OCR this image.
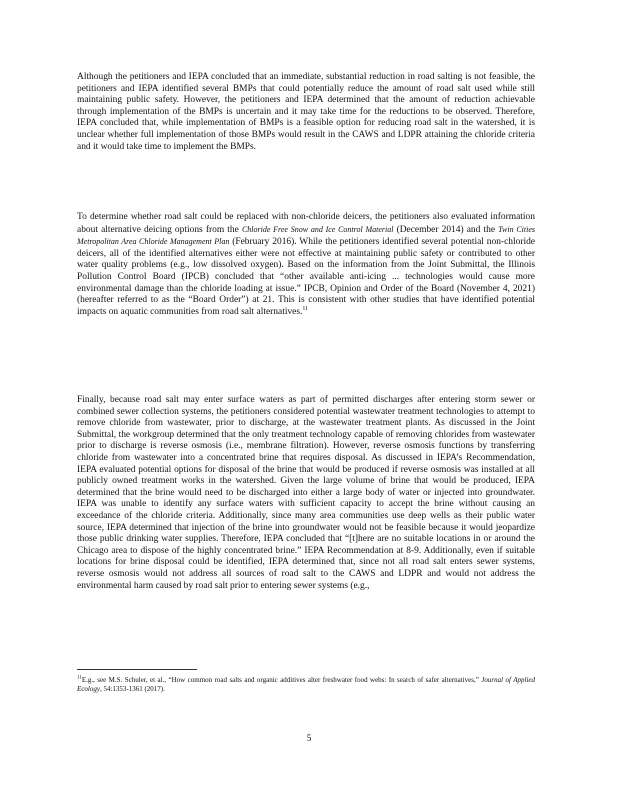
Although the petitioners and IEPA concluded that an immediate, substantial reduction in road salting is not feasible, the petitioners and IEPA identified several BMPs that could potentially reduce the amount of road salt used while still maintaining public safety. However, the petitioners and IEPA determined that the amount of reduction achievable through implementation of the BMPs is uncertain and it may take time for the reductions to be observed. Therefore, IEPA concluded that, while implementation of BMPs is a feasible option for reducing road salt in the watershed, it is unclear whether full implementation of those BMPs would result in the CAWS and LDPR attaining the chloride criteria and it would take time to implement the BMPs.

To determine whether road salt could be replaced with non-chloride deicers, the petitioners also evaluated information about alternative deicing options from the Chloride Free Snow and Ice Control Material (December 2014) and the Twin Cities Metropolitan Area Chloride Management Plan (February 2016). While the petitioners identified several potential non-chloride deicers, all of the identified alternatives either were not effective at maintaining public safety or contributed to other water quality problems (e.g., low dissolved oxygen). Based on the information from the Joint Submittal, the Illinois Pollution Control Board (IPCB) concluded that “other available anti-icing ... technologies would cause more environmental damage than the chloride loading at issue.” IPCB, Opinion and Order of the Board (November 4, 2021) (hereafter referred to as the “Board Order”) at 21. This is consistent with other studies that have identified potential impacts on aquatic communities from road salt alternatives.$^{11}$

Finally, because road salt may enter surface waters as part of permitted discharges after entering storm sewer or combined sewer collection systems, the petitioners considered potential wastewater treatment technologies to attempt to remove chloride from wastewater, prior to discharge, at the wastewater treatment plants. As discussed in the Joint Submittal, the workgroup determined that the only treatment technology capable of removing chlorides from wastewater prior to discharge is reverse osmosis (i.e., membrane filtration). However, reverse osmosis functions by transferring chloride from wastewater into a concentrated brine that requires disposal. As discussed in IEPA’s Recommendation, IEPA evaluated potential options for disposal of the brine that would be produced if reverse osmosis was installed at all publicly owned treatment works in the watershed. Given the large volume of brine that would be produced, IEPA determined that the brine would need to be discharged into either a large body of water or injected into groundwater. IEPA was unable to identify any surface waters with sufficient capacity to accept the brine without causing an exceedance of the chloride criteria. Additionally, since many area communities use deep wells as their public water source, IEPA determined that injection of the brine into groundwater would not be feasible because it would jeopardize those public drinking water supplies. Therefore, IEPA concluded that “[t]here are no suitable locations in or around the Chicago area to dispose of the highly concentrated brine.” IEPA Recommendation at 8-9. Additionally, even if suitable locations for brine disposal could be identified, IEPA determined that, since not all road salt enters sewer systems, reverse osmosis would not address all sources of road salt to the CAWS and LDPR and would not address the environmental harm caused by road salt prior to entering sewer systems (e.g.,

$^{11}$E.g., see M.S. Schuler, et al., “How common road salts and organic additives alter freshwater food webs: In search of safer alternatives,” Journal of Applied Ecology, 54:1353-1361 (2017).

5
